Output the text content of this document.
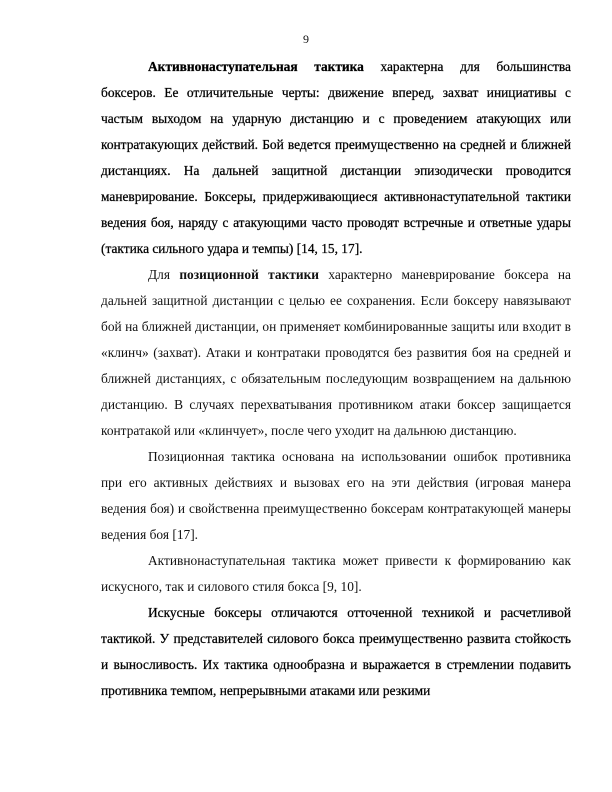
9

Активнонаступательная тактика характерна для большинства боксеров. Ее отличительные черты: движение вперед, захват инициативы с частым выходом на ударную дистанцию и с проведением атакующих или контратакующих действий. Бой ведется преимущественно на средней и ближней дистанциях. На дальней защитной дистанции эпизодически проводится маневрирование. Боксеры, придерживающиеся активнонаступательной тактики ведения боя, наряду с атакующими часто проводят встречные и ответные удары (тактика сильного удара и темпы) [14, 15, 17].

Для позиционной тактики характерно маневрирование боксера на дальней защитной дистанции с целью ее сохранения. Если боксеру навязывают бой на ближней дистанции, он применяет комбинированные защиты или входит в «клинч» (захват). Атаки и контратаки проводятся без развития боя на средней и ближней дистанциях, с обязательным последующим возвращением на дальнюю дистанцию. В случаях перехватывания противником атаки боксер защищается контратакой или «клинчует», после чего уходит на дальнюю дистанцию.

Позиционная тактика основана на использовании ошибок противника при его активных действиях и вызовах его на эти действия (игровая манера ведения боя) и свойственна преимущественно боксерам контратакующей манеры ведения боя [17].

Активнонаступательная тактика может привести к формированию как искусного, так и силового стиля бокса [9, 10].

Искусные боксеры отличаются отточенной техникой и расчетливой тактикой. У представителей силового бокса преимущественно развита стойкость и выносливость. Их тактика однообразна и выражается в стремлении подавить противника темпом, непрерывными атаками или резкими
